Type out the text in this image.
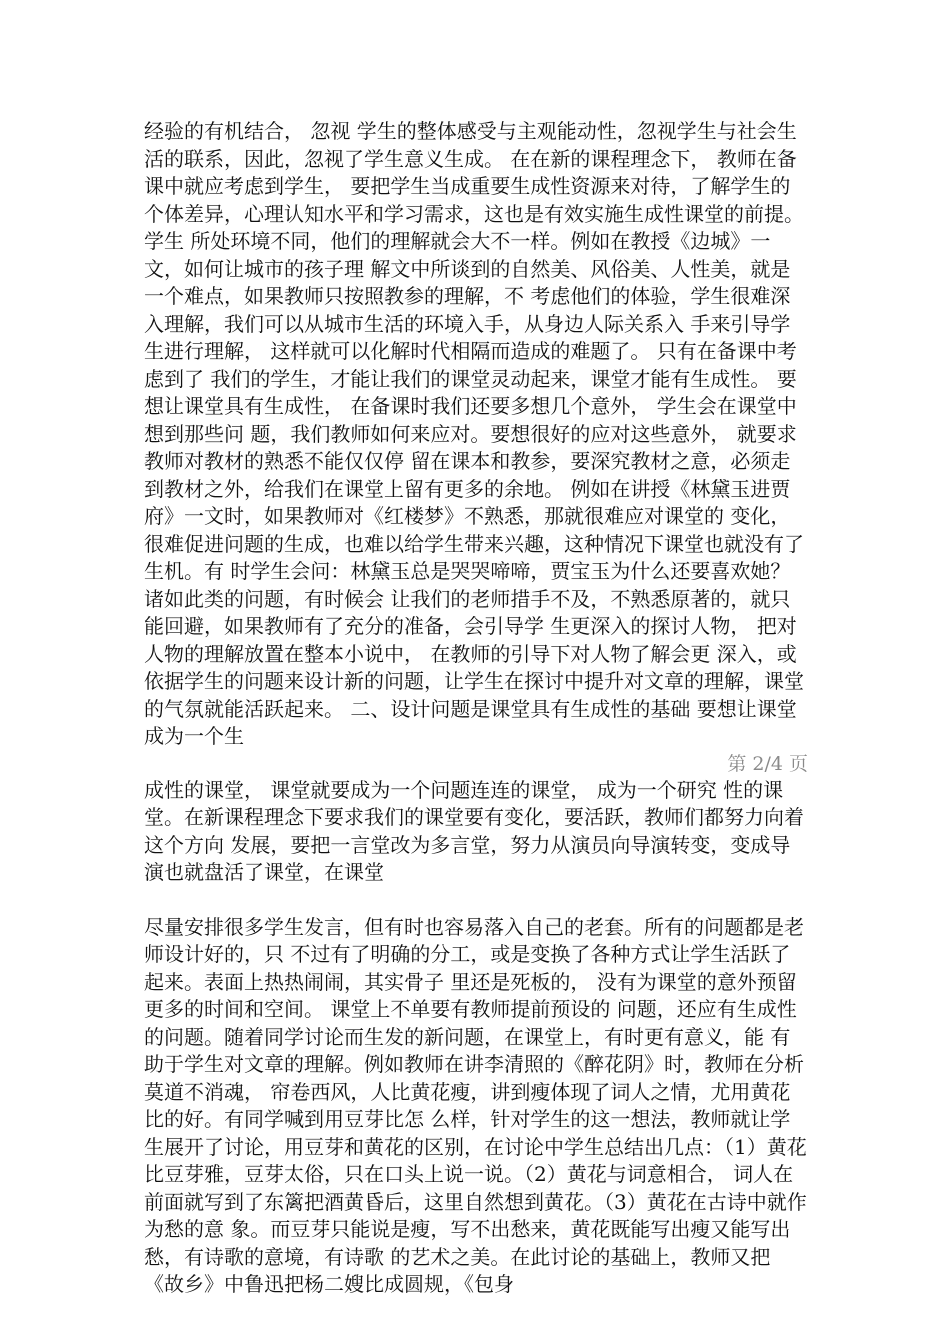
经验的有机结合， 忽视 学生的整体感受与主观能动性，忽视学生与社会生活的联系，因此，忽视了学生意义生成。 在在新的课程理念下， 教师在备课中就应考虑到学生， 要把学生当成重要生成性资源来对待，了解学生的个体差异，心理认知水平和学习需求，这也是有效实施生成性课堂的前提。学生 所处环境不同，他们的理解就会大不一样。例如在教授《边城》一文，如何让城市的孩子理 解文中所谈到的自然美、风俗美、人性美，就是一个难点，如果教师只按照教参的理解，不 考虑他们的体验，学生很难深入理解，我们可以从城市生活的环境入手，从身边人际关系入 手来引导学生进行理解， 这样就可以化解时代相隔而造成的难题了。 只有在备课中考虑到了 我们的学生，才能让我们的课堂灵动起来，课堂才能有生成性。 要想让课堂具有生成性， 在备课时我们还要多想几个意外， 学生会在课堂中想到那些问 题，我们教师如何来应对。要想很好的应对这些意外， 就要求教师对教材的熟悉不能仅仅停 留在课本和教参，要深究教材之意，必须走到教材之外，给我们在课堂上留有更多的余地。 例如在讲授《林黛玉进贾府》一文时，如果教师对《红楼梦》不熟悉，那就很难应对课堂的 变化，很难促进问题的生成，也难以给学生带来兴趣，这种情况下课堂也就没有了生机。有 时学生会问：林黛玉总是哭哭啼啼，贾宝玉为什么还要喜欢她？诸如此类的问题，有时候会 让我们的老师措手不及，不熟悉原著的，就只能回避，如果教师有了充分的准备，会引导学 生更深入的探讨人物， 把对人物的理解放置在整本小说中， 在教师的引导下对人物了解会更 深入，或依据学生的问题来设计新的问题，让学生在探讨中提升对文章的理解，课堂的气氛就能活跃起来。 二、设计问题是课堂具有生成性的基础 要想让课堂成为一个生
第 2/4 页
成性的课堂， 课堂就要成为一个问题连连的课堂， 成为一个研究 性的课堂。在新课程理念下要求我们的课堂要有变化，要活跃，教师们都努力向着这个方向 发展，要把一言堂改为多言堂，努力从演员向导演转变，变成导演也就盘活了课堂，在课堂
尽量安排很多学生发言，但有时也容易落入自己的老套。所有的问题都是老师设计好的，只 不过有了明确的分工，或是变换了各种方式让学生活跃了起来。表面上热热闹闹，其实骨子 里还是死板的， 没有为课堂的意外预留更多的时间和空间。 课堂上不单要有教师提前预设的 问题，还应有生成性的问题。随着同学讨论而生发的新问题，在课堂上，有时更有意义，能 有助于学生对文章的理解。例如教师在讲李清照的《醉花阴》时，教师在分析莫道不消魂， 帘卷西风，人比黄花瘦，讲到瘦体现了词人之情，尤用黄花比的好。有同学喊到用豆芽比怎 么样，针对学生的这一想法，教师就让学生展开了讨论，用豆芽和黄花的区别，在讨论中学生总结出几点：（1）黄花比豆芽雅，豆芽太俗，只在口头上说一说。（2）黄花与词意相合， 词人在前面就写到了东篱把酒黄昏后，这里自然想到黄花。（3）黄花在古诗中就作为愁的意 象。而豆芽只能说是瘦，写不出愁来，黄花既能写出瘦又能写出愁，有诗歌的意境，有诗歌 的艺术之美。在此讨论的基础上，教师又把《故乡》中鲁迅把杨二嫂比成圆规，《包身
